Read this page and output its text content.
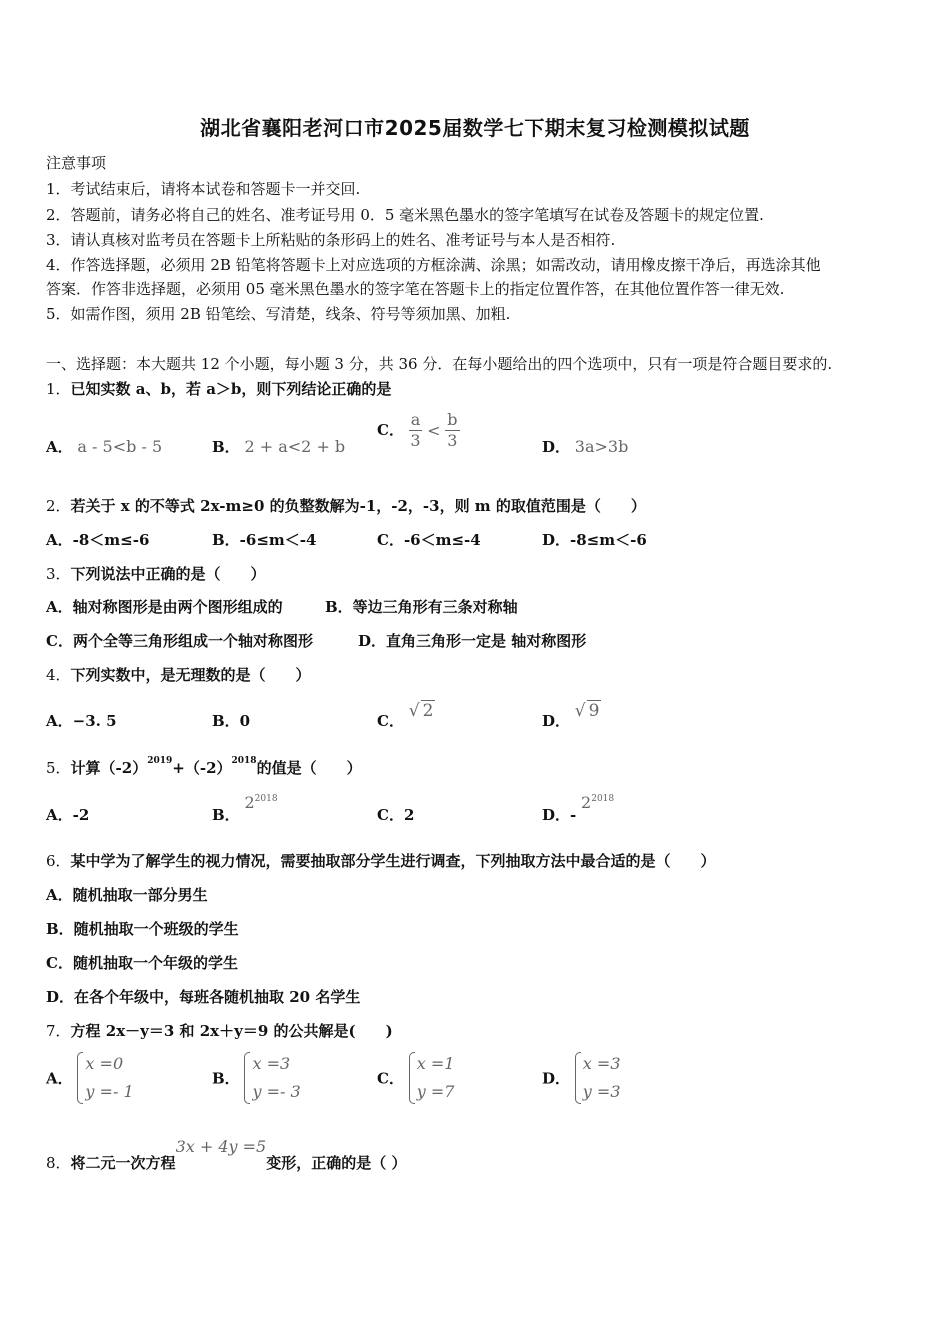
湖北省襄阳老河口市2025届数学七下期末复习检测模拟试题
注意事项
1．考试结束后，请将本试卷和答题卡一并交回.
2．答题前，请务必将自己的姓名、准考证号用 0．5 毫米黑色墨水的签字笔填写在试卷及答题卡的规定位置.
3．请认真核对监考员在答题卡上所粘贴的条形码上的姓名、准考证号与本人是否相符.
4．作答选择题，必须用 2B 铅笔将答题卡上对应选项的方框涂满、涂黑；如需改动，请用橡皮擦干净后，再选涂其他
答案．作答非选择题，必须用 05 毫米黑色墨水的签字笔在答题卡上的指定位置作答，在其他位置作答一律无效.
5．如需作图，须用 2B 铅笔绘、写清楚，线条、符号等须加黑、加粗.
一、选择题：本大题共 12 个小题，每小题 3 分，共 36 分．在每小题给出的四个选项中，只有一项是符合题目要求的.
1．已知实数 a、b，若 a＞b，则下列结论正确的是
A． a - 5<b - 5	B． 2 + a<2 + b
C． $\frac{a}{3} < \frac{b}{3}$	D． 3a>3b
2．若关于 x 的不等式 2x-m≥0 的负整数解为-1，-2，-3，则 m 的取值范围是（　　）
A．-8＜m≤-6	B．-6≤m＜-4	C．-6＜m≤-4	D．-8≤m＜-6
3．下列说法中正确的是（　　）
A．轴对称图形是由两个图形组成的	B．等边三角形有三条对称轴
C．两个全等三角形组成一个轴对称图形	D．直角三角形一定是 轴对称图形
4．下列实数中，是无理数的是（　　）
A．−3. 5	B．0	C． √ 2	D． √ 9
5．计算$(-2)^{2019}+(-2)^{2018}$的值是（　　）
A．-2	B． $2^{2018}$
C．2	D．- $2^{2018}$
6．某中学为了解学生的视力情况，需要抽取部分学生进行调查，下列抽取方法中最合适的是（　　）
A．随机抽取一部分男生
B．随机抽取一个班级的学生
C．随机抽取一个年级的学生
D．在各个年级中，每班各随机抽取 20 名学生
7．方程 2x－y＝3 和 2x＋y＝9 的公共解是(　　)
A．
x =0
y =- 1
B．
x =3
y =- 3
C．
x =1
y =7
D．
x =3
y =3
8．将二元一次方程3x + 4y =5变形，正确的是（ ）
